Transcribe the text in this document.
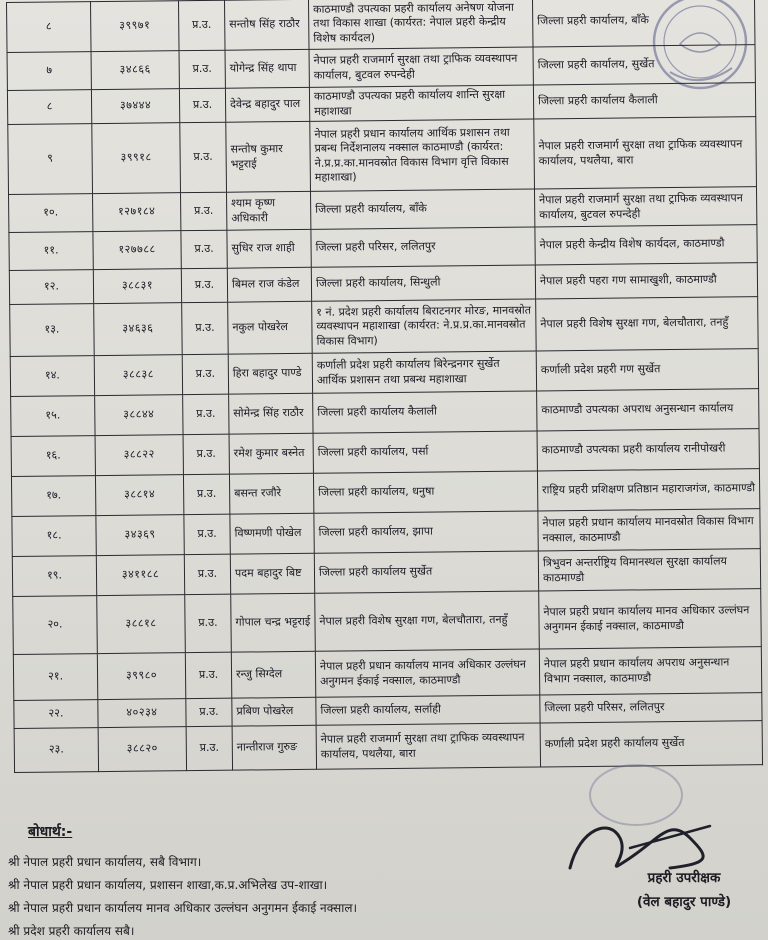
८	३९९७१	प्र.उ.	सन्तोष सिंह राठौर	काठमाण्डौ उपत्यका प्रहरी कार्यालय अनेषण योजना तथा विकास शाखा (कार्यरत: नेपाल प्रहरी केन्द्रीय विशेष कार्यदल)	जिल्ला प्रहरी कार्यालय, बाँके
७	३४८६६	प्र.उ.	योगेन्द्र सिंह थापा	नेपाल प्रहरी राजमार्ग सुरक्षा तथा ट्राफिक व्यवस्थापन कार्यालय, बुटवल रुपन्देही	जिल्ला प्रहरी कार्यालय, सुर्खेत
८	३७४४४	प्र.उ.	देवेन्द्र बहादुर पाल	काठमाण्डौ उपत्यका प्रहरी कार्यालय शान्ति सुरक्षा महाशाखा	जिल्ला प्रहरी कार्यालय कैलाली
९	३९९१८	प्र.उ.	सन्तोष कुमार भट्टराई	नेपाल प्रहरी प्रधान कार्यालय आर्थिक प्रशासन तथा प्रबन्ध निर्देशनालय नक्साल काठमाण्डौ (कार्यरत: ने.प्र.प्र.का.मानवस्रोत विकास विभाग वृत्ति विकास महाशाखा)	नेपाल प्रहरी राजमार्ग सुरक्षा तथा ट्राफिक व्यवस्थापन कार्यालय, पथलैया, बारा
१०.	१२७१८४	प्र.उ.	श्याम कृष्ण अधिकारी	जिल्ला प्रहरी कार्यालय, बाँके	नेपाल प्रहरी राजमार्ग सुरक्षा तथा ट्राफिक व्यवस्थापन कार्यालय, बुटवल रुपन्देही
११.	१२७७८८	प्र.उ.	सुधिर राज शाही	जिल्ला प्रहरी परिसर, ललितपुर	नेपाल प्रहरी केन्द्रीय विशेष कार्यदल, काठमाण्डौ
१२.	३८८३१	प्र.उ.	बिमल राज कंडेल	जिल्ला प्रहरी कार्यालय, सिन्धुली	नेपाल प्रहरी पहरा गण सामाखुशी, काठमाण्डौ
१३.	३४६३६	प्र.उ.	नकुल पोखरेल	१ नं. प्रदेश प्रहरी कार्यालय बिराटनगर मोरङ, मानवस्रोत व्यवस्थापन महाशाखा (कार्यरत: ने.प्र.प्र.का.मानवस्रोत विकास विभाग)	नेपाल प्रहरी विशेष सुरक्षा गण, बेलचौतारा, तनहुँ
१४.	३८८३८	प्र.उ.	हिरा बहादुर पाण्डे	कर्णाली प्रदेश प्रहरी कार्यालय बिरेन्द्रनगर सुर्खेत आर्थिक प्रशासन तथा प्रबन्ध महाशाखा	कर्णाली प्रदेश प्रहरी गण सुर्खेत
१५.	३८८४४	प्र.उ.	सोमेन्द्र सिंह राठौर	जिल्ला प्रहरी कार्यालय कैलाली	काठमाण्डौ उपत्यका अपराध अनुसन्धान कार्यालय
१६.	३८८२२	प्र.उ.	रमेश कुमार बस्नेत	जिल्ला प्रहरी कार्यालय, पर्सा	काठमाण्डौ उपत्यका प्रहरी कार्यालय रानीपोखरी
१७.	३८८१४	प्र.उ.	बसन्त रजौरे	जिल्ला प्रहरी कार्यालय, धनुषा	राष्ट्रिय प्रहरी प्रशिक्षण प्रतिष्ठान महाराजगंज, काठमाण्डौ
१८.	३४३६९	प्र.उ.	विष्णमणी पोखेल	जिल्ला प्रहरी कार्यालय, झापा	नेपाल प्रहरी प्रधान कार्यालय मानवस्रोत विकास विभाग नक्साल, काठमाण्डौ
१९.	३४११८८	प्र.उ.	पदम बहादुर बिष्ट	जिल्ला प्रहरी कार्यालय सुर्खेत	त्रिभुवन अन्तर्राष्ट्रिय विमानस्थल सुरक्षा कार्यालय काठमाण्डौ
२०.	३८८१८	प्र.उ.	गोपाल चन्द्र भट्टराई	नेपाल प्रहरी विशेष सुरक्षा गण, बेलचौतारा, तनहुँ	नेपाल प्रहरी प्रधान कार्यालय मानव अधिकार उल्लंघन अनुगमन ईकाई नक्साल, काठमाण्डौ
२१.	३९९८०	प्र.उ.	रन्जु सिग्देल	नेपाल प्रहरी प्रधान कार्यालय मानव अधिकार उल्लंघन अनुगमन ईकाई नक्साल, काठमाण्डौ	नेपाल प्रहरी प्रधान कार्यालय अपराध अनुसन्धान विभाग नक्साल, काठमाण्डौ
२२.	४०२३४	प्र.उ.	प्रबिण पोखरेल	जिल्ला प्रहरी कार्यालय, सर्लाही	जिल्ला प्रहरी परिसर, ललितपुर
२३.	३८८२०	प्र.उ.	नान्तीराज गुरुङ	नेपाल प्रहरी राजमार्ग सुरक्षा तथा ट्राफिक व्यवस्थापन कार्यालय, पथलैया, बारा	कर्णाली प्रदेश प्रहरी कार्यालय सुर्खेत
बोधार्थ:-
श्री नेपाल प्रहरी प्रधान कार्यालय, सबै विभाग।
श्री नेपाल प्रहरी प्रधान कार्यालय, प्रशासन शाखा,क.प्र.अभिलेख उप-शाखा।
श्री नेपाल प्रहरी प्रधान कार्यालय मानव अधिकार उल्लंघन अनुगमन ईकाई नक्साल।
श्री प्रदेश प्रहरी कार्यालय सबै।
प्रहरी उपरीक्षक
(वेल बहादुर पाण्डे)
